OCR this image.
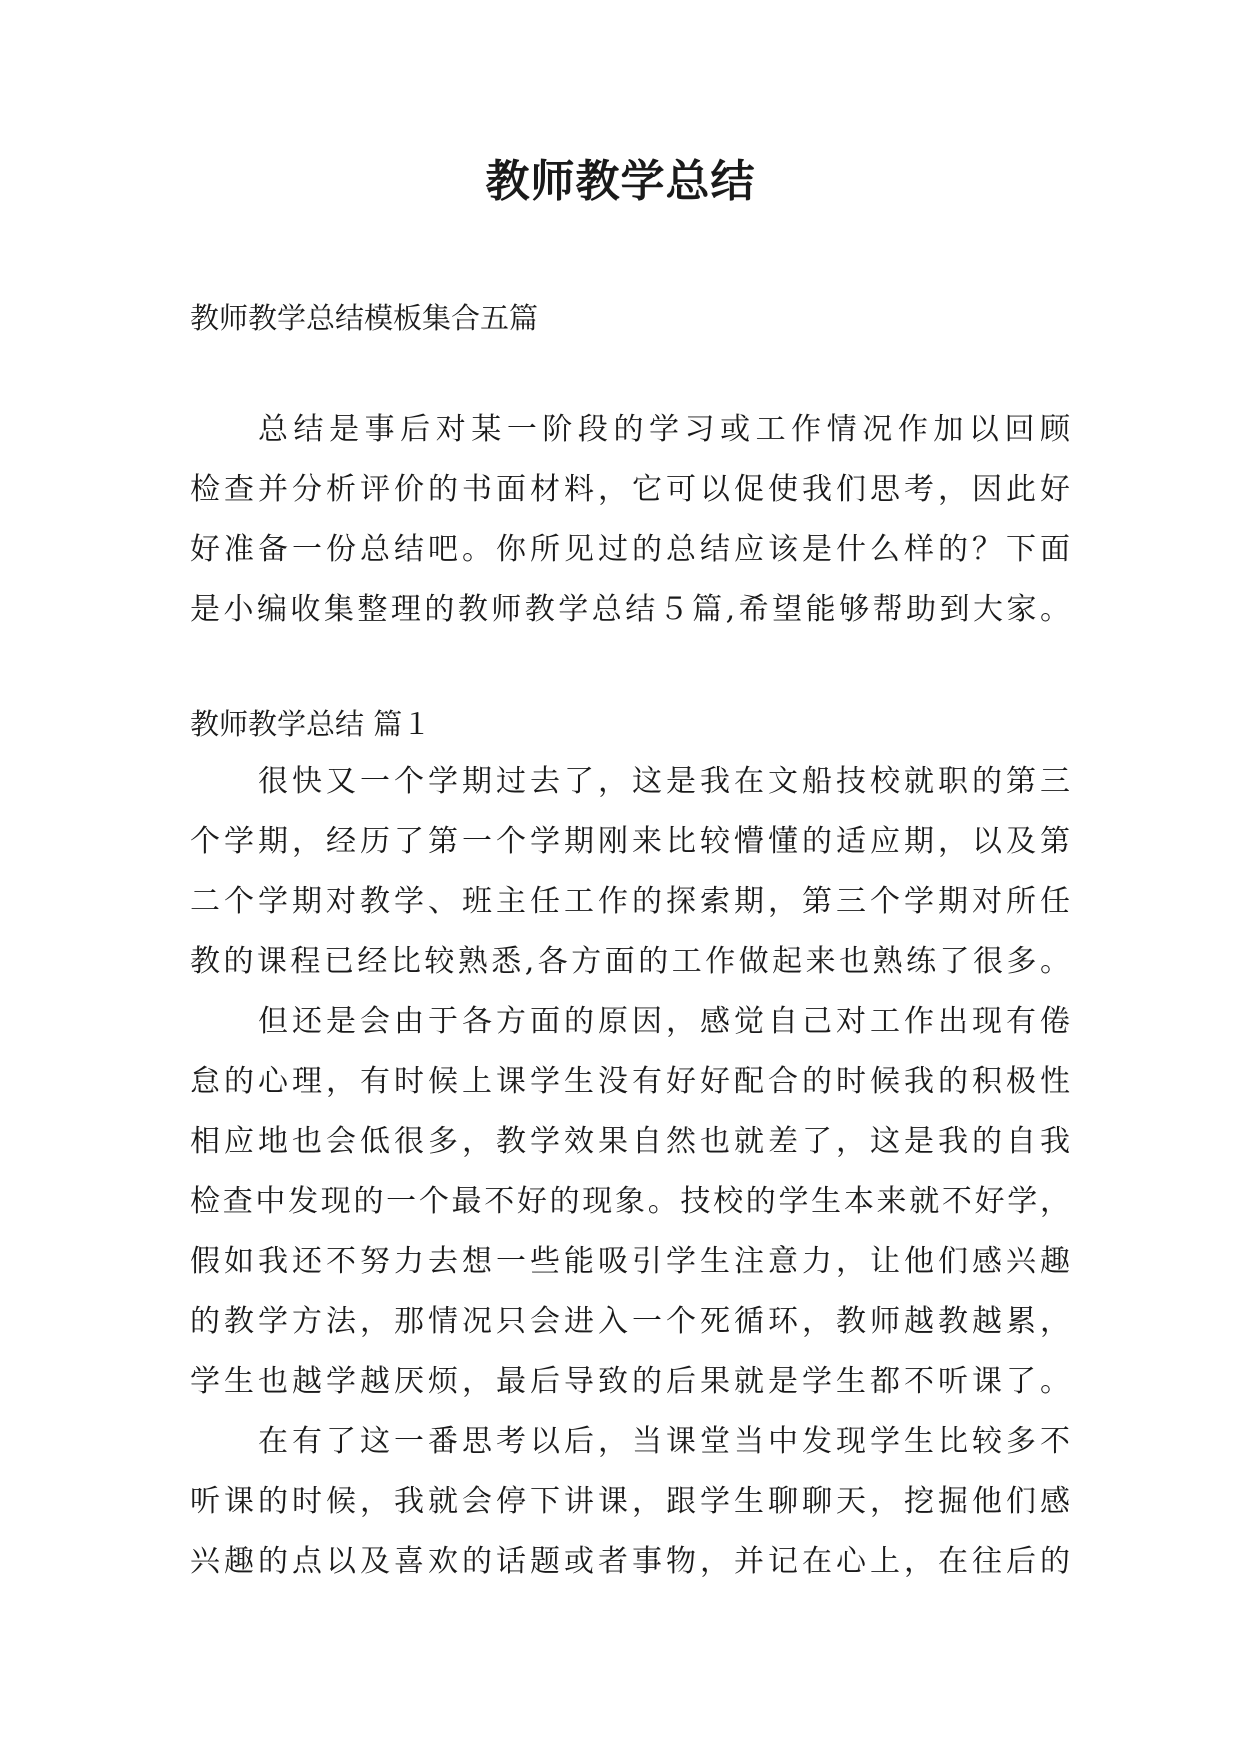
教师教学总结
教师教学总结模板集合五篇
总结是事后对某一阶段的学习或工作情况作加以回顾
检查并分析评价的书面材料，它可以促使我们思考，因此好
好准备一份总结吧。你所见过的总结应该是什么样的？下面
是小编收集整理的教师教学总结５篇,希望能够帮助到大家。
教师教学总结 篇１
很快又一个学期过去了，这是我在文船技校就职的第三
个学期，经历了第一个学期刚来比较懵懂的适应期，以及第
二个学期对教学、班主任工作的探索期，第三个学期对所任
教的课程已经比较熟悉,各方面的工作做起来也熟练了很多。
但还是会由于各方面的原因，感觉自己对工作出现有倦
怠的心理，有时候上课学生没有好好配合的时候我的积极性
相应地也会低很多，教学效果自然也就差了，这是我的自我
检查中发现的一个最不好的现象。技校的学生本来就不好学，
假如我还不努力去想一些能吸引学生注意力，让他们感兴趣
的教学方法，那情况只会进入一个死循环，教师越教越累，
学生也越学越厌烦，最后导致的后果就是学生都不听课了。
在有了这一番思考以后，当课堂当中发现学生比较多不
听课的时候，我就会停下讲课，跟学生聊聊天，挖掘他们感
兴趣的点以及喜欢的话题或者事物，并记在心上，在往后的
